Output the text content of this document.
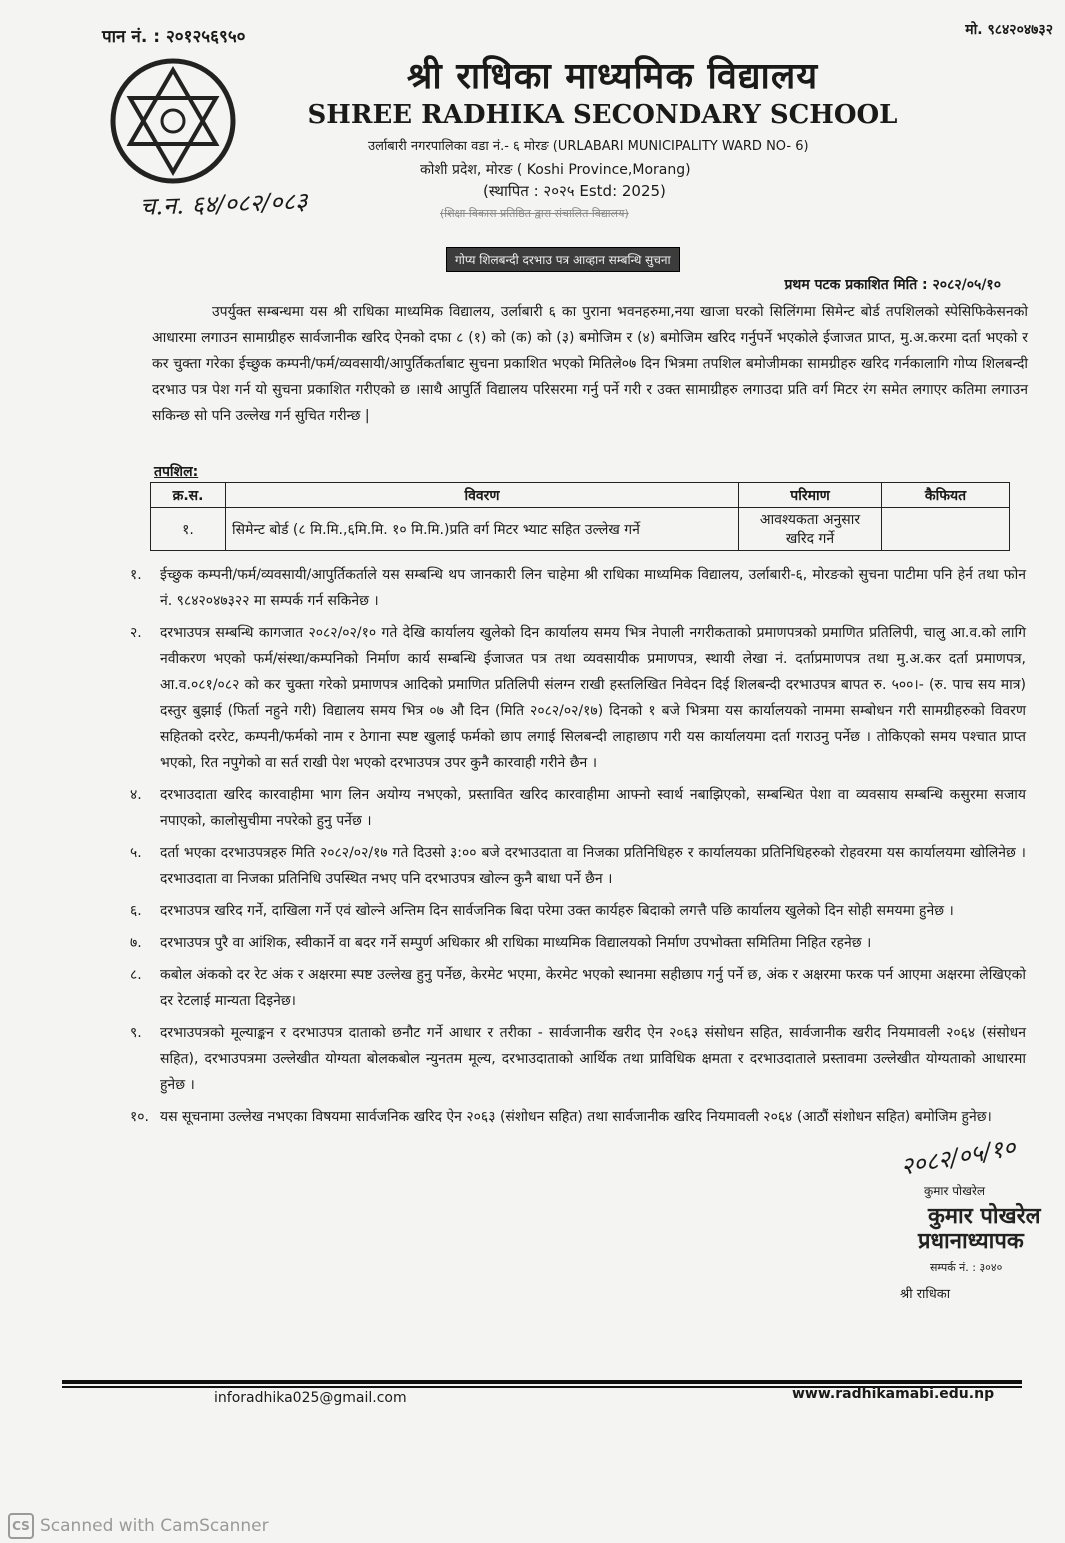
पान नं. : २०१२५६९५०	मो. ९८४२०४७३२
श्री राधिका माध्यमिक विद्यालय
SHREE RADHIKA SECONDARY SCHOOL
उर्लाबारी नगरपालिका वडा नं.- ६ मोरङ (URLABARI MUNICIPALITY WARD NO- 6)
कोशी प्रदेश, मोरङ ( Koshi Province,Morang)
(स्थापित : २०२५ Estd: 2025)
च.न. ६४/०८२/०८३	(शिक्षा विकास प्रतिष्ठित द्वारा संचालित विद्यालय)
गोप्य शिलबन्दी दरभाउ पत्र आव्हान सम्बन्धि सुचना
प्रथम पटक प्रकाशित मिति : २०८२/०५/१०
उपर्युक्त सम्बन्धमा यस श्री राधिका माध्यमिक विद्यालय, उर्लाबारी ६ का पुराना भवनहरुमा,नया खाजा घरको सिलिंगमा सिमेन्ट बोर्ड तपशिलको स्पेसिफिकेसनको आधारमा लगाउन सामाग्रीहरु सार्वजानीक खरिद ऐनको दफा ८ (१) को (क) को (३) बमोजिम र (४) बमोजिम खरिद गर्नुपर्ने भएकोले ईजाजत प्राप्त, मु.अ.करमा दर्ता भएको र कर चुक्ता गरेका ईच्छुक कम्पनी/फर्म/व्यवसायी/आपुर्तिकर्ताबाट सुचना प्रकाशित भएको मितिले०७ दिन भित्रमा तपशिल बमोजीमका सामग्रीहरु खरिद गर्नकालागि गोप्य शिलबन्दी दरभाउ पत्र पेश गर्न यो सुचना प्रकाशित गरीएको छ ।साथै आपुर्ति विद्यालय परिसरमा गर्नु पर्ने गरी र उक्त सामाग्रीहरु लगाउदा प्रति वर्ग मिटर रंग समेत लगाएर कतिमा लगाउन सकिन्छ सो पनि उल्लेख गर्न सुचित गरीन्छ |
तपशिल:
क्र.स.	विवरण	परिमाण	कैफियत
१.	सिमेन्ट बोर्ड (८ मि.मि.,६मि.मि. १० मि.मि.)प्रति वर्ग मिटर भ्याट सहित उल्लेख गर्ने	आवश्यकता अनुसार खरिद गर्ने	
१. ईच्छुक कम्पनी/फर्म/व्यवसायी/आपुर्तिकर्ताले यस सम्बन्धि थप जानकारी लिन चाहेमा श्री राधिका माध्यमिक विद्यालय, उर्लाबारी-६, मोरङको सुचना पाटीमा पनि हेर्न तथा फोन नं. ९८४२०४७३२२ मा सम्पर्क गर्न सकिनेछ ।
२. दरभाउपत्र सम्बन्धि कागजात २०८२/०२/१० गते देखि कार्यालय खुलेको दिन कार्यालय समय भित्र नेपाली नगरीकताको प्रमाणपत्रको प्रमाणित प्रतिलिपी, चालु आ.व.को लागि नवीकरण भएको फर्म/संस्था/कम्पनिको निर्माण कार्य सम्बन्धि ईजाजत पत्र तथा व्यवसायीक प्रमाणपत्र, स्थायी लेखा नं. दर्ताप्रमाणपत्र तथा मु.अ.कर दर्ता प्रमाणपत्र, आ.व.०८१/०८२ को कर चुक्ता गरेको प्रमाणपत्र आदिको प्रमाणित प्रतिलिपी संलग्न राखी हस्तलिखित निवेदन दिई शिलबन्दी दरभाउपत्र बापत रु. ५००।- (रु. पाच सय मात्र) दस्तुर बुझाई (फिर्ता नहुने गरी) विद्यालय समय भित्र ०७ औ दिन (मिति २०८२/०२/१७) दिनको १ बजे भित्रमा यस कार्यालयको नाममा सम्बोधन गरी सामग्रीहरुको विवरण सहितको दररेट, कम्पनी/फर्मको नाम र ठेगाना स्पष्ट खुलाई फर्मको छाप लगाई सिलबन्दी लाहाछाप गरी यस कार्यालयमा दर्ता गराउनु पर्नेछ । तोकिएको समय पश्चात प्राप्त भएको, रित नपुगेको वा सर्त राखी पेश भएको दरभाउपत्र उपर कुनै कारवाही गरीने छैन ।
४. दरभाउदाता खरिद कारवाहीमा भाग लिन अयोग्य नभएको, प्रस्तावित खरिद कारवाहीमा आफ्नो स्वार्थ नबाझिएको, सम्बन्धित पेशा वा व्यवसाय सम्बन्धि कसुरमा सजाय नपाएको, कालोसुचीमा नपरेको हुनु पर्नेछ ।
५. दर्ता भएका दरभाउपत्रहरु मिति २०८२/०२/१७ गते दिउसो ३:०० बजे दरभाउदाता वा निजका प्रतिनिधिहरु र कार्यालयका प्रतिनिधिहरुको रोहवरमा यस कार्यालयमा खोलिनेछ । दरभाउदाता वा निजका प्रतिनिधि उपस्थित नभए पनि दरभाउपत्र खोल्न कुनै बाधा पर्ने छैन ।
६. दरभाउपत्र खरिद गर्ने, दाखिला गर्ने एवं खोल्ने अन्तिम दिन सार्वजनिक बिदा परेमा उक्त कार्यहरु बिदाको लगत्तै पछि कार्यालय खुलेको दिन सोही समयमा हुनेछ ।
७. दरभाउपत्र पुरै वा आंशिक, स्वीकार्ने वा बदर गर्ने सम्पुर्ण अधिकार श्री राधिका माध्यमिक विद्यालयको निर्माण उपभोक्ता समितिमा निहित रहनेछ ।
८. कबोल अंकको दर रेट अंक र अक्षरमा स्पष्ट उल्लेख हुनु पर्नेछ, केरमेट भएमा, केरमेट भएको स्थानमा सहीछाप गर्नु पर्ने छ, अंक र अक्षरमा फरक पर्न आएमा अक्षरमा लेखिएको दर रेटलाई मान्यता दिइनेछ।
९. दरभाउपत्रको मूल्याङ्कन र दरभाउपत्र दाताको छनौट गर्ने आधार र तरीका - सार्वजानीक खरीद ऐन २०६३ संसोधन सहित, सार्वजानीक खरीद नियमावली २०६४ (संसोधन सहित), दरभाउपत्रमा उल्लेखीत योग्यता बोलकबोल न्युनतम मूल्य, दरभाउदाताको आर्थिक तथा प्राविधिक क्षमता र दरभाउदाताले प्रस्तावमा उल्लेखीत योग्यताको आधारमा हुनेछ ।
१०. यस सूचनामा उल्लेख नभएका विषयमा सार्वजनिक खरिद ऐन २०६३ (संशोधन सहित) तथा सार्वजानीक खरिद नियमावली २०६४ (आठौं संशोधन सहित) बमोजिम हुनेछ।
२०८२/०५/१०
कुमार पोखरेल
कुमार पोखरेल
प्रधानाध्यापक
सम्पर्क नं. : ३०४०
श्री राधिका
inforadhika025@gmail.com	www.radhikamabi.edu.np
CS Scanned with CamScanner
